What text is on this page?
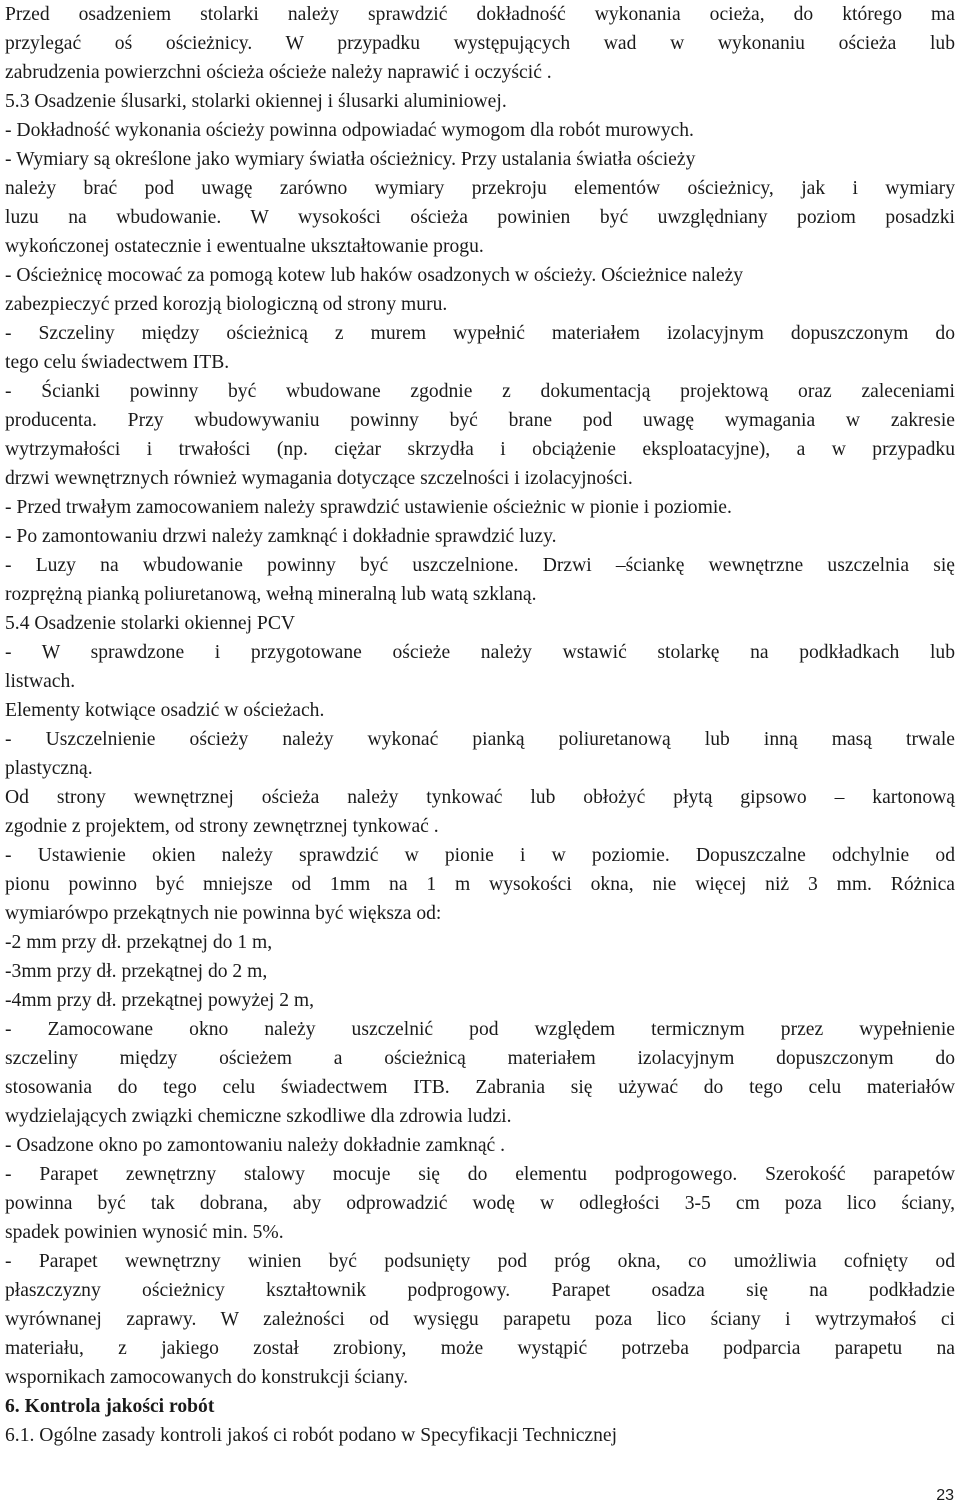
Przed osadzeniem stolarki należy sprawdzić dokładność wykonania ocieża, do którego ma
przylegać oś ościeżnicy. W przypadku występujących wad w wykonaniu ościeża lub
zabrudzenia powierzchni ościeża ościeże należy naprawić i oczyścić .
5.3 Osadzenie ślusarki, stolarki okiennej i ślusarki aluminiowej.
- Dokładność wykonania ościeży powinna odpowiadać wymogom dla robót murowych.
- Wymiary są określone jako wymiary światła ościeżnicy. Przy ustalania światła ościeży
należy brać pod uwagę zarówno wymiary przekroju elementów ościeżnicy, jak i wymiary
luzu na wbudowanie. W wysokości ościeża powinien być uwzględniany poziom posadzki
wykończonej ostatecznie i ewentualne ukształtowanie progu.
- Ościeżnicę mocować za pomogą kotew lub haków osadzonych w ościeży. Ościeżnice należy
zabezpieczyć przed korozją biologiczną od strony muru.
- Szczeliny między ościeżnicą z murem wypełnić materiałem izolacyjnym dopuszczonym do
tego celu świadectwem ITB.
- Ścianki powinny być wbudowane zgodnie z dokumentacją projektową oraz zaleceniami
producenta. Przy wbudowywaniu powinny być brane pod uwagę wymagania w zakresie
wytrzymałości i trwałości (np. ciężar skrzydła i obciążenie eksploatacyjne), a w przypadku
drzwi wewnętrznych również wymagania dotyczące szczelności i izolacyjności.
- Przed trwałym zamocowaniem należy sprawdzić ustawienie ościeżnic w pionie i poziomie.
- Po zamontowaniu drzwi należy zamknąć i dokładnie sprawdzić luzy.
- Luzy na wbudowanie powinny być uszczelnione. Drzwi –ściankę wewnętrzne uszczelnia się
rozprężną pianką poliuretanową, wełną mineralną lub watą szklaną.
5.4 Osadzenie stolarki okiennej PCV
- W sprawdzone i przygotowane ościeże należy wstawić stolarkę na podkładkach lub
listwach.
Elementy kotwiące osadzić w ościeżach.
- Uszczelnienie ościeży należy wykonać pianką poliuretanową lub inną masą trwale
plastyczną.
Od strony wewnętrznej ościeża należy tynkować lub obłożyć płytą gipsowo – kartonową
zgodnie z projektem, od strony zewnętrznej tynkować .
- Ustawienie okien należy sprawdzić w pionie i w poziomie. Dopuszczalne odchylnie od
pionu powinno być mniejsze od 1mm na 1 m wysokości okna, nie więcej niż 3 mm. Różnica
wymiarówpo przekątnych nie powinna być większa od:
-2 mm przy dł. przekątnej do 1 m,
-3mm przy dł. przekątnej do 2 m,
-4mm przy dł. przekątnej powyżej 2 m,
- Zamocowane okno należy uszczelnić pod względem termicznym przez wypełnienie
szczeliny między ościeżem a ościeżnicą materiałem izolacyjnym dopuszczonym do
stosowania do tego celu świadectwem ITB. Zabrania się używać do tego celu materiałów
wydzielających związki chemiczne szkodliwe dla zdrowia ludzi.
- Osadzone okno po zamontowaniu należy dokładnie zamknąć .
- Parapet zewnętrzny stalowy mocuje się do elementu podprogowego. Szerokość parapetów
powinna być tak dobrana, aby odprowadzić wodę w odległości 3-5 cm poza lico ściany,
spadek powinien wynosić min. 5%.
- Parapet wewnętrzny winien być podsunięty pod próg okna, co umożliwia cofnięty od
płaszczyzny ościeżnicy kształtownik podprogowy. Parapet osadza się na podkładzie
wyrównanej zaprawy. W zależności od wysięgu parapetu poza lico ściany i wytrzymałoś ci
materiału, z jakiego został zrobiony, może wystąpić potrzeba podparcia parapetu na
wspornikach zamocowanych do konstrukcji ściany.
6. Kontrola jakości robót
6.1. Ogólne zasady kontroli jakoś ci robót podano w Specyfikacji Technicznej
23
